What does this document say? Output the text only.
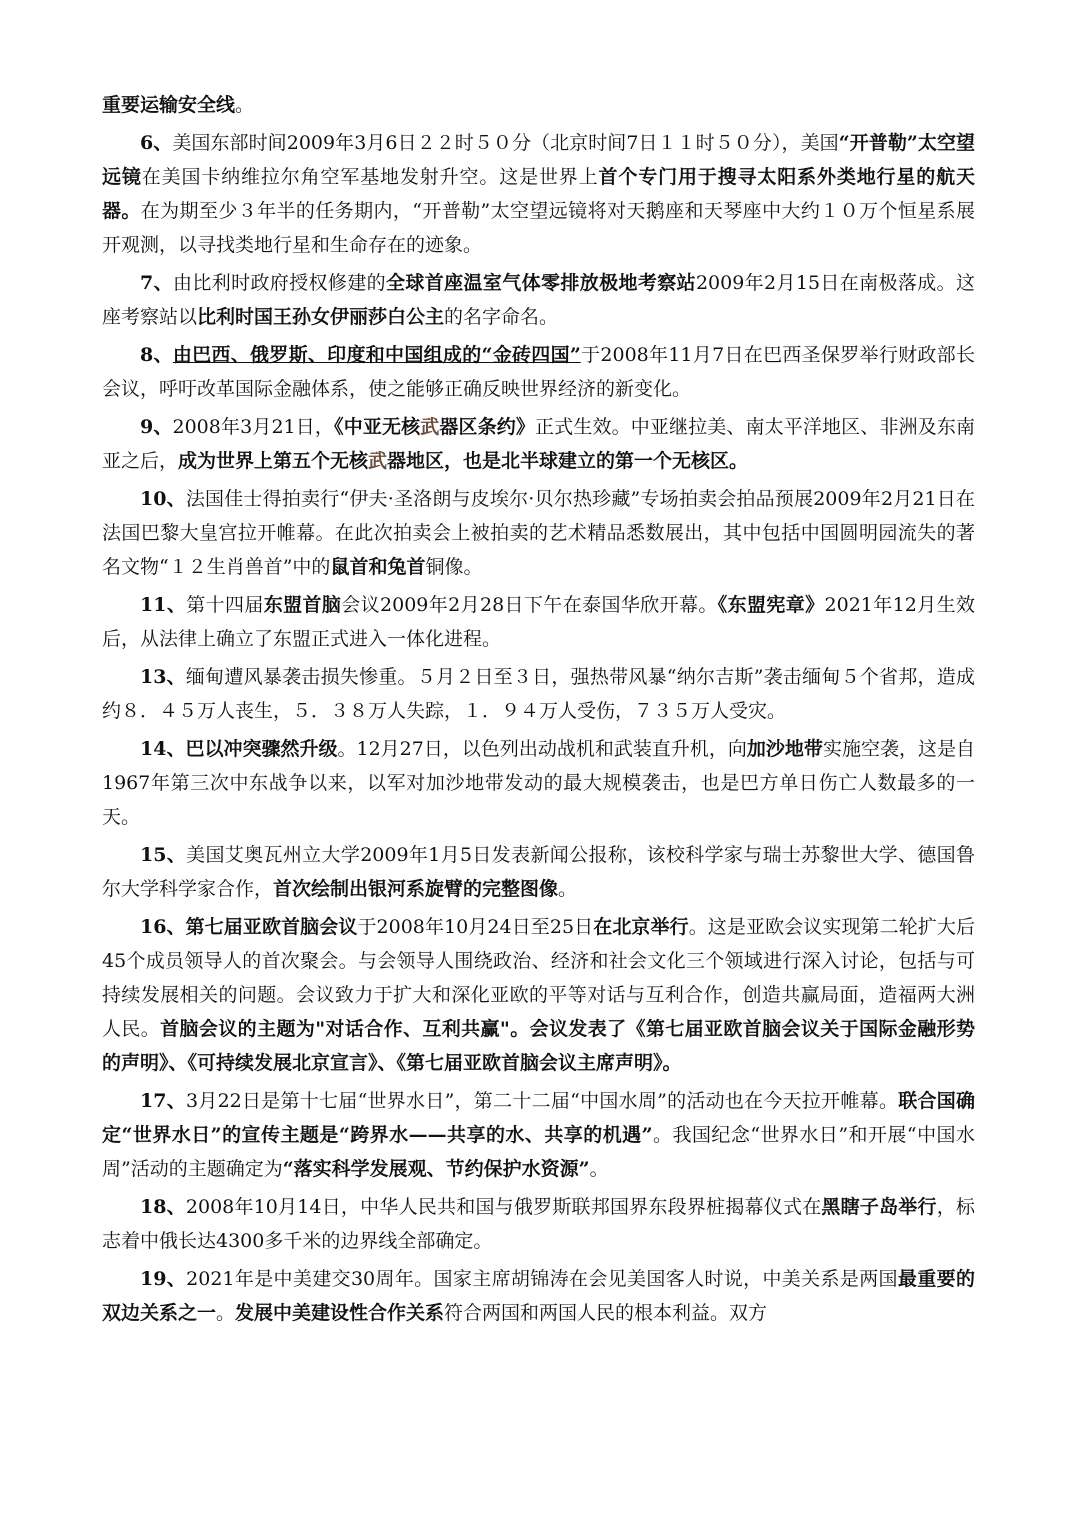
重要运输安全线。

6、美国东部时间2009年3月6日２２时５０分（北京时间7日１１时５０分），美国“开普勒”太空望远镜在美国卡纳维拉尔角空军基地发射升空。这是世界上首个专门用于搜寻太阳系外类地行星的航天器。在为期至少３年半的任务期内，“开普勒”太空望远镜将对天鹅座和天琴座中大约１０万个恒星系展开观测，以寻找类地行星和生命存在的迹象。

7、由比利时政府授权修建的全球首座温室气体零排放极地考察站2009年2月15日在南极落成。这座考察站以比利时国王孙女伊丽莎白公主的名字命名。

8、由巴西、俄罗斯、印度和中国组成的“金砖四国”于2008年11月7日在巴西圣保罗举行财政部长会议，呼吁改革国际金融体系，使之能够正确反映世界经济的新变化。

9、2008年3月21日，《中亚无核武器区条约》正式生效。中亚继拉美、南太平洋地区、非洲及东南亚之后，成为世界上第五个无核武器地区，也是北半球建立的第一个无核区。

10、法国佳士得拍卖行“伊夫·圣洛朗与皮埃尔·贝尔热珍藏”专场拍卖会拍品预展2009年2月21日在法国巴黎大皇宫拉开帷幕。在此次拍卖会上被拍卖的艺术精品悉数展出，其中包括中国圆明园流失的著名文物“１２生肖兽首”中的鼠首和兔首铜像。

11、第十四届东盟首脑会议2009年2月28日下午在泰国华欣开幕。《东盟宪章》2021年12月生效后，从法律上确立了东盟正式进入一体化进程。

13、缅甸遭风暴袭击损失惨重。５月２日至３日，强热带风暴“纳尔吉斯”袭击缅甸５个省邦，造成约８．４５万人丧生，５．３８万人失踪，１．９４万人受伤，７３５万人受灾。

14、巴以冲突骤然升级。12月27日，以色列出动战机和武装直升机，向加沙地带实施空袭，这是自1967年第三次中东战争以来，以军对加沙地带发动的最大规模袭击，也是巴方单日伤亡人数最多的一天。

15、美国艾奥瓦州立大学2009年1月5日发表新闻公报称，该校科学家与瑞士苏黎世大学、德国鲁尔大学科学家合作，首次绘制出银河系旋臂的完整图像。

16、第七届亚欧首脑会议于2008年10月24日至25日在北京举行。这是亚欧会议实现第二轮扩大后45个成员领导人的首次聚会。与会领导人围绕政治、经济和社会文化三个领域进行深入讨论，包括与可持续发展相关的问题。会议致力于扩大和深化亚欧的平等对话与互利合作，创造共赢局面，造福两大洲人民。首脑会议的主题为"对话合作、互利共赢"。会议发表了《第七届亚欧首脑会议关于国际金融形势的声明》、《可持续发展北京宣言》、《第七届亚欧首脑会议主席声明》。

17、3月22日是第十七届“世界水日”，第二十二届“中国水周”的活动也在今天拉开帷幕。联合国确定“世界水日”的宣传主题是“跨界水——共享的水、共享的机遇”。我国纪念“世界水日”和开展“中国水周”活动的主题确定为“落实科学发展观、节约保护水资源”。

18、2008年10月14日，中华人民共和国与俄罗斯联邦国界东段界桩揭幕仪式在黑瞎子岛举行，标志着中俄长达4300多千米的边界线全部确定。

19、2021年是中美建交30周年。国家主席胡锦涛在会见美国客人时说，中美关系是两国最重要的双边关系之一。发展中美建设性合作关系符合两国和两国人民的根本利益。双方
